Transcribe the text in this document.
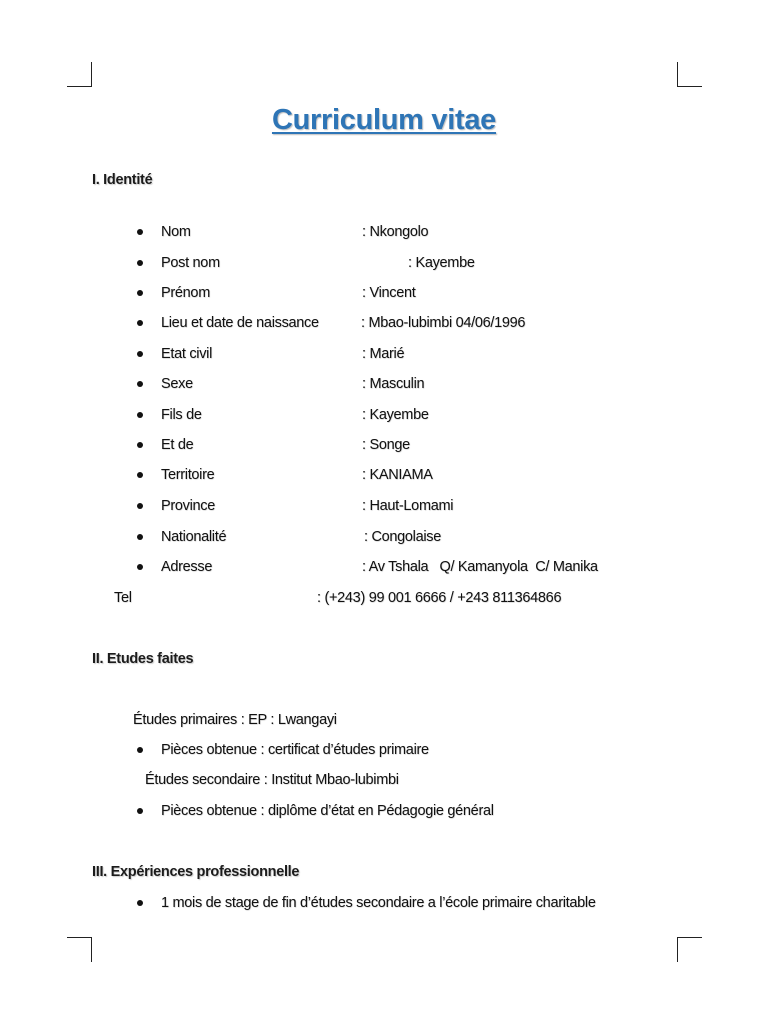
Curriculum vitae
I. Identité
Nom	: Nkongolo
Post nom	: Kayembe
Prénom	: Vincent
Lieu et date de naissance	: Mbao-lubimbi 04/06/1996
Etat civil	: Marié
Sexe	: Masculin
Fils de	: Kayembe
Et de	: Songe
Territoire	: KANIAMA
Province	: Haut-Lomami
Nationalité	: Congolaise
Adresse	: Av Tshala   Q/ Kamanyola  C/ Manika
Tel	: (+243) 99 001 6666 / +243 811364866
II. Etudes faites
Études primaires : EP : Lwangayi
Pièces obtenue : certificat d’études primaire
Études secondaire : Institut Mbao-lubimbi
Pièces obtenue : diplôme d’état en Pédagogie général
III. Expériences professionnelle
1 mois de stage de fin d’études secondaire a l’école primaire charitable
